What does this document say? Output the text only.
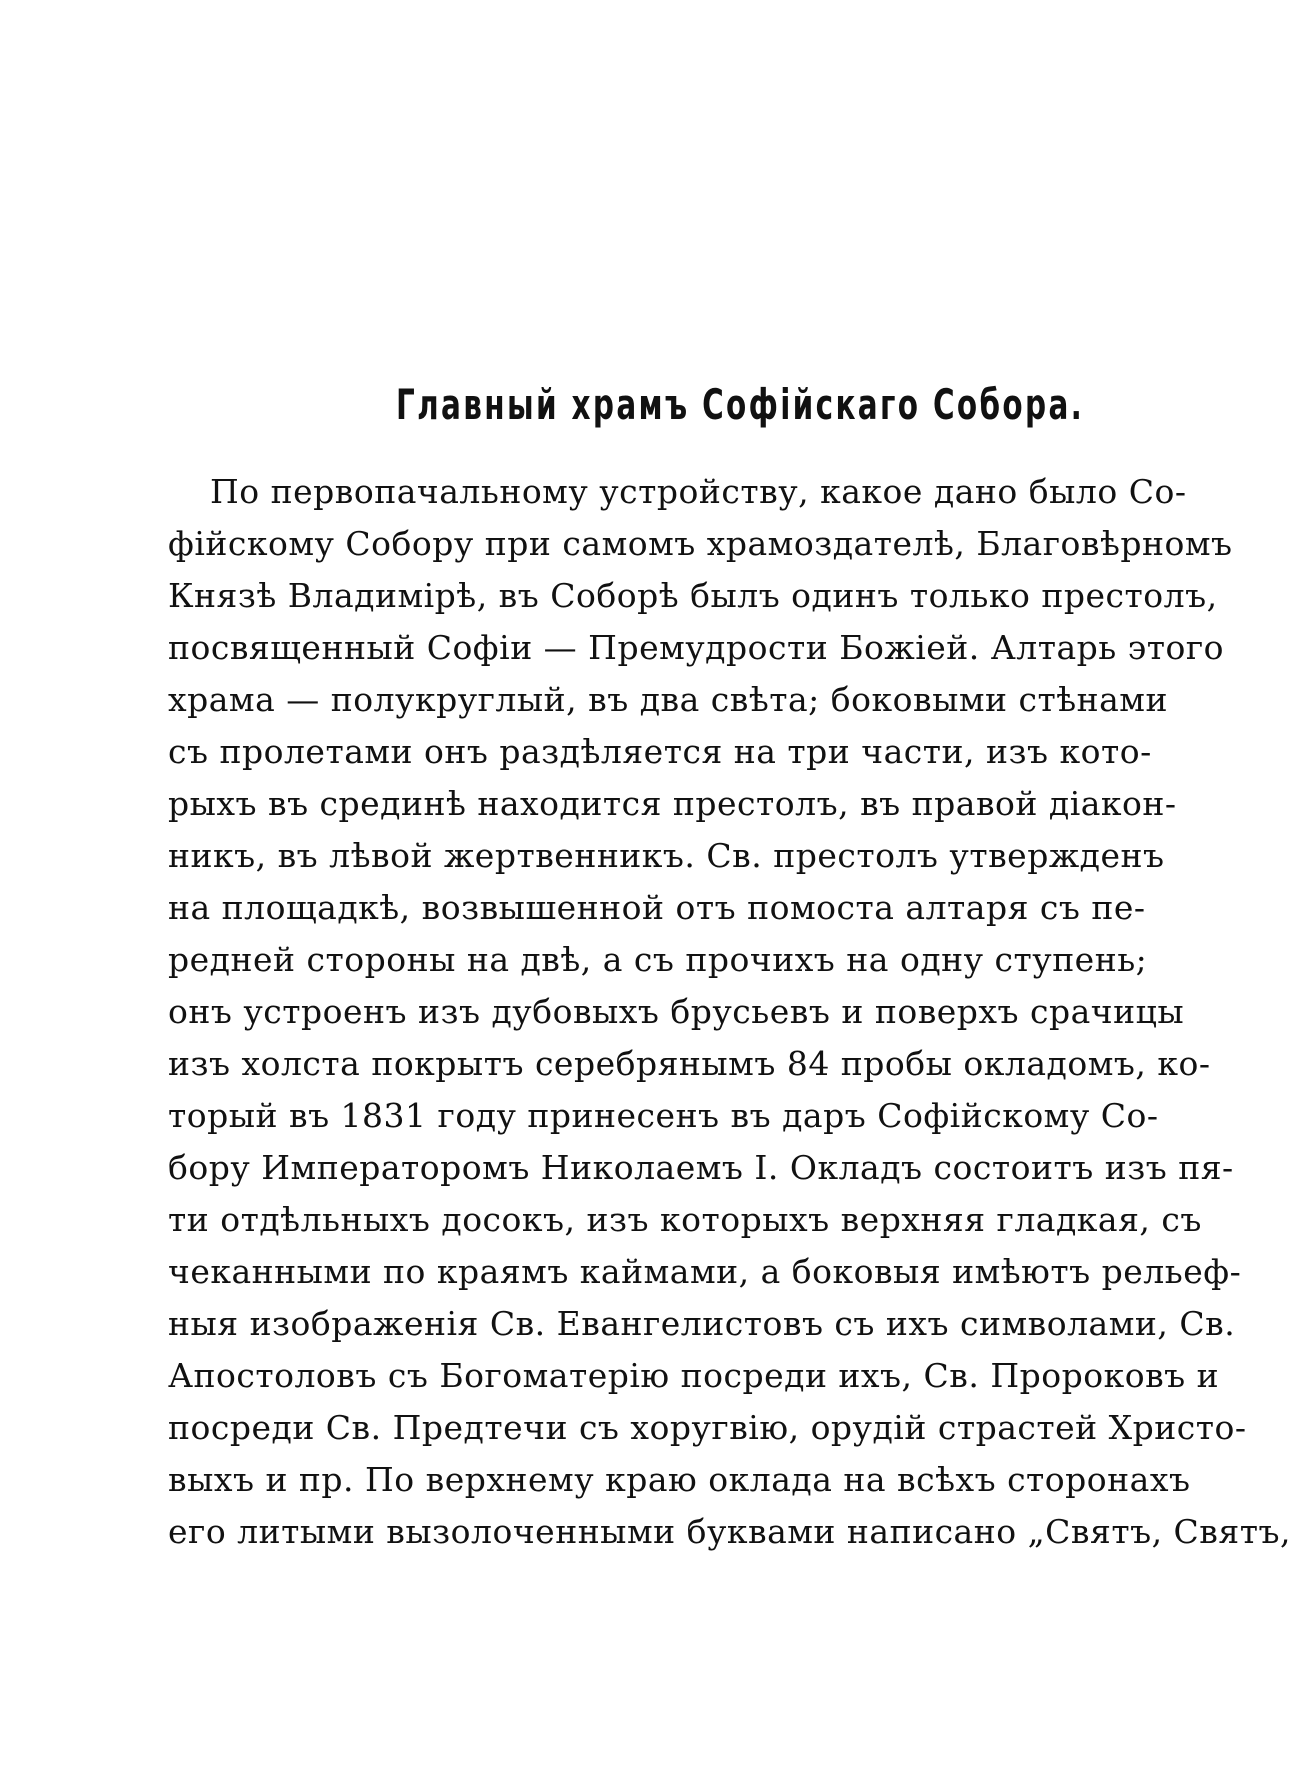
Главный храмъ Софійскаго Собора.
По первопачальному устройству, какое дано было Со-
фійскому Собору при самомъ храмоздателѣ, Благовѣрномъ
Князѣ Владимірѣ, въ Соборѣ былъ одинъ только престолъ,
посвященный Софіи — Премудрости Божіей. Алтарь этого
храма — полукруглый, въ два свѣта; боковыми стѣнами
съ пролетами онъ раздѣляется на три части, изъ кото-
рыхъ въ срединѣ находится престолъ, въ правой діакон-
никъ, въ лѣвой жертвенникъ. Св. престолъ утвержденъ
на площадкѣ, возвышенной отъ помоста алтаря съ пе-
редней стороны на двѣ, а съ прочихъ на одну ступень;
онъ устроенъ изъ дубовыхъ брусьевъ и поверхъ срачицы
изъ холста покрытъ серебрянымъ 84 пробы окладомъ, ко-
торый въ 1831 году принесенъ въ даръ Софійскому Со-
бору Императоромъ Николаемъ I. Окладъ состоитъ изъ пя-
ти отдѣльныхъ досокъ, изъ которыхъ верхняя гладкая, съ
чеканными по краямъ каймами, а боковыя имѣютъ рельеф-
ныя изображенія Св. Евангелистовъ съ ихъ символами, Св.
Апостоловъ съ Богоматерію посреди ихъ, Св. Пророковъ и
посреди Св. Предтечи съ хоругвію, орудій страстей Христо-
выхъ и пр. По верхнему краю оклада на всѣхъ сторонахъ
его литыми вызолоченными буквами написано „Святъ, Святъ,
